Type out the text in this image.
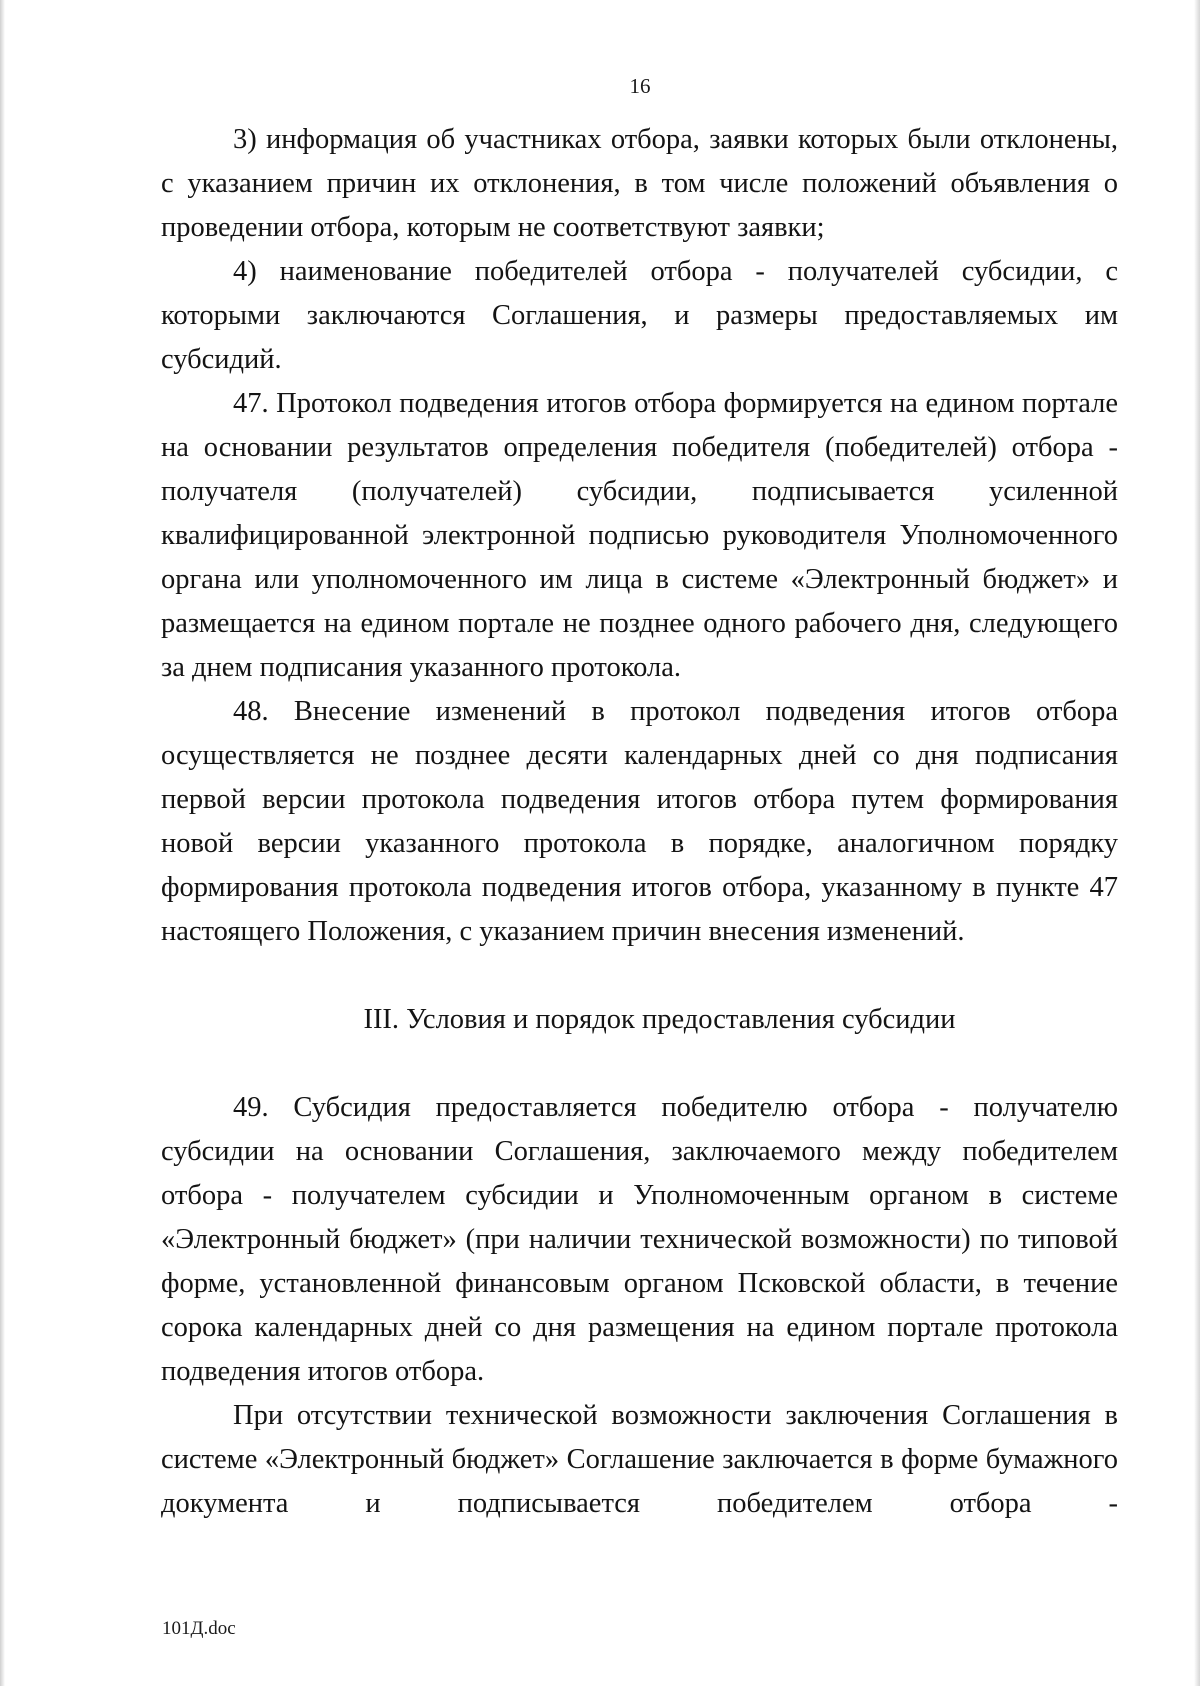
16

3) информация об участниках отбора, заявки которых были отклонены, с указанием причин их отклонения, в том числе положений объявления о проведении отбора, которым не соответствуют заявки;

4) наименование победителей отбора - получателей субсидии, с которыми заключаются Соглашения, и размеры предоставляемых им субсидий.

47. Протокол подведения итогов отбора формируется на едином портале на основании результатов определения победителя (победителей) отбора - получателя (получателей) субсидии, подписывается усиленной квалифицированной электронной подписью руководителя Уполномоченного органа или уполномоченного им лица в системе «Электронный бюджет» и размещается на едином портале не позднее одного рабочего дня, следующего за днем подписания указанного протокола.

48. Внесение изменений в протокол подведения итогов отбора осуществляется не позднее десяти календарных дней со дня подписания первой версии протокола подведения итогов отбора путем формирования новой версии указанного протокола в порядке, аналогичном порядку формирования протокола подведения итогов отбора, указанному в пункте 47 настоящего Положения, с указанием причин внесения изменений.

III. Условия и порядок предоставления субсидии

49. Субсидия предоставляется победителю отбора - получателю субсидии на основании Соглашения, заключаемого между победителем отбора - получателем субсидии и Уполномоченным органом в системе «Электронный бюджет» (при наличии технической возможности) по типовой форме, установленной финансовым органом Псковской области, в течение сорока календарных дней со дня размещения на едином портале протокола подведения итогов отбора.

При отсутствии технической возможности заключения Соглашения в системе «Электронный бюджет» Соглашение заключается в форме бумажного документа и подписывается победителем отбора -

101Д.doc
